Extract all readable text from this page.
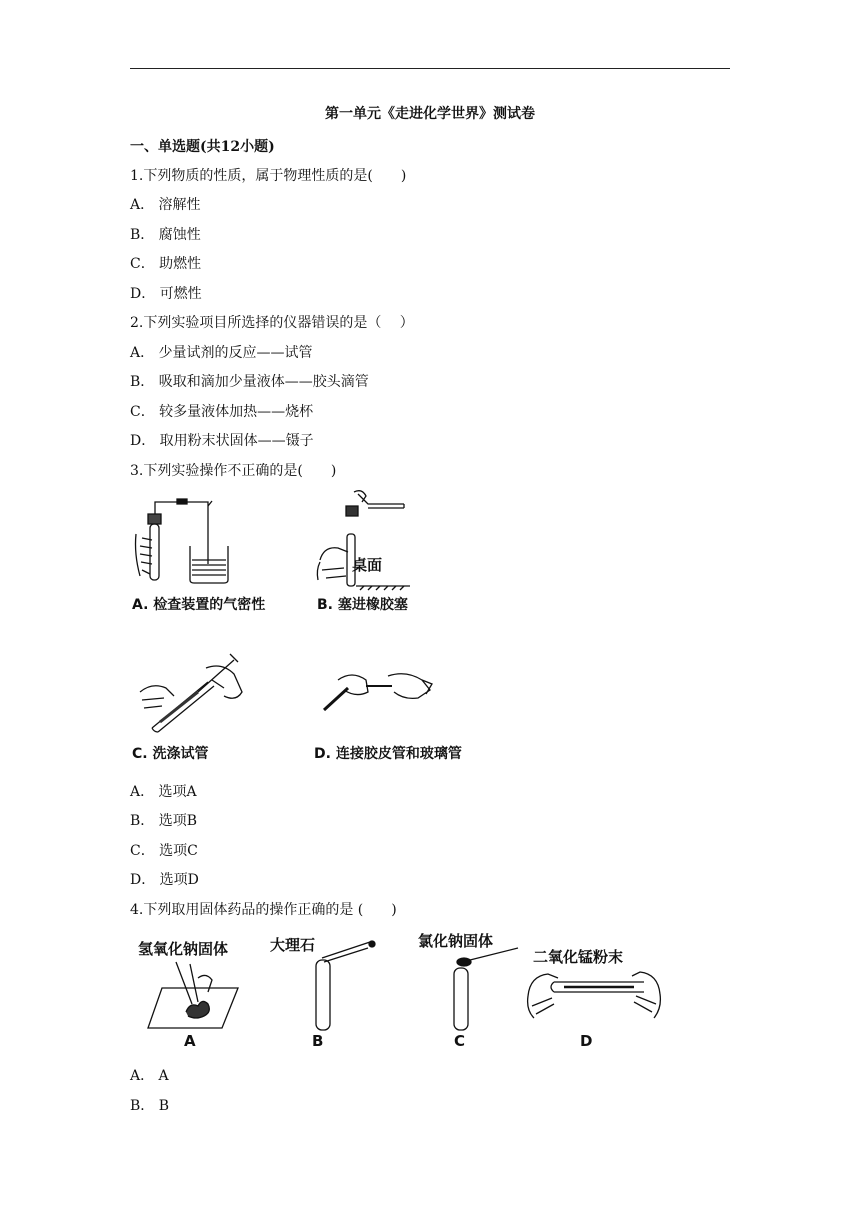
第一单元《走进化学世界》测试卷
一、单选题(共12小题)
1.下列物质的性质，属于物理性质的是(　　)
A． 溶解性
B． 腐蚀性
C． 助燃性
D． 可燃性
2.下列实验项目所选择的仪器错误的是（　 ）
A． 少量试剂的反应——试管
B． 吸取和滴加少量液体——胶头滴管
C． 较多量液体加热——烧杯
D． 取用粉末状固体——镊子
3.下列实验操作不正确的是(　　)
A. 检查装置的气密性
桌面
B. 塞进橡胶塞
C. 洗涤试管	D. 连接胶皮管和玻璃管
A． 选项A
B． 选项B
C． 选项C
D． 选项D
4.下列取用固体药品的操作正确的是 (　　)
氢氧化钠固体	大理石	氯化钠固体
二氧化锰粉末
A	B	C	D
A． A
B． B
